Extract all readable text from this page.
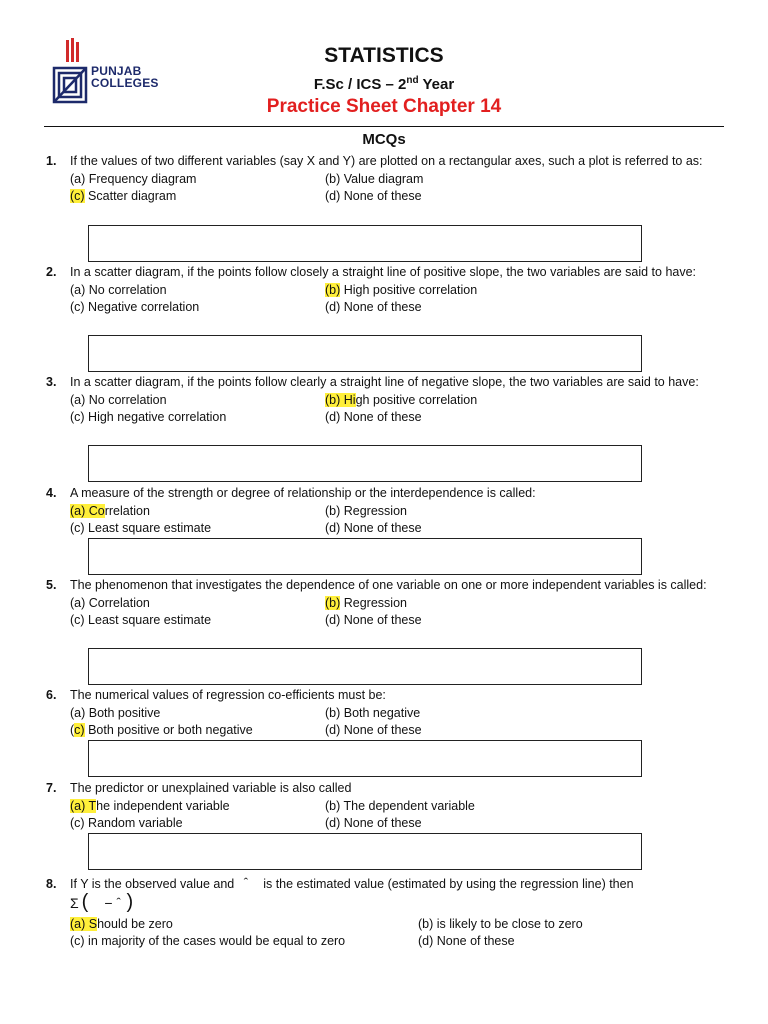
PUNJAB
COLLEGES
STATISTICS
F.Sc / ICS – 2nd Year
Practice Sheet Chapter 14
MCQs
1. If the values of two different variables (say X and Y) are plotted on a rectangular axes, such a plot is referred to as:
(a) Frequency diagram	(b) Value diagram
(c) Scatter diagram	(d) None of these
2. In a scatter diagram, if the points follow closely a straight line of positive slope, the two variables are said to have:
(a) No correlation	(b) High positive correlation
(c) Negative correlation	(d) None of these
3. In a scatter diagram, if the points follow clearly a straight line of negative slope, the two variables are said to have:
(a) No correlation	(b) High positive correlation
(c) High negative correlation	(d) None of these
4. A measure of the strength or degree of relationship or the interdependence is called:
(a) Correlation	(b) Regression
(c) Least square estimate	(d) None of these
5. The phenomenon that investigates the dependence of one variable on one or more independent variables is called:
(a) Correlation	(b) Regression
(c) Least square estimate	(d) None of these
6. The numerical values of regression co-efficients must be:
(a) Both positive	(b) Both negative
(c) Both positive or both negative	(d) None of these
7. The predictor or unexplained variable is also called
(a) The independent variable	(b) The dependent variable
(c) Random variable	(d) None of these
8. If Y is the observed value and ˆ is the estimated value (estimated by using the regression line) then
Σ ( − ˆ )
(a) Should be zero	(b) is likely to be close to zero
(c) in majority of the cases would be equal to zero	(d) None of these
